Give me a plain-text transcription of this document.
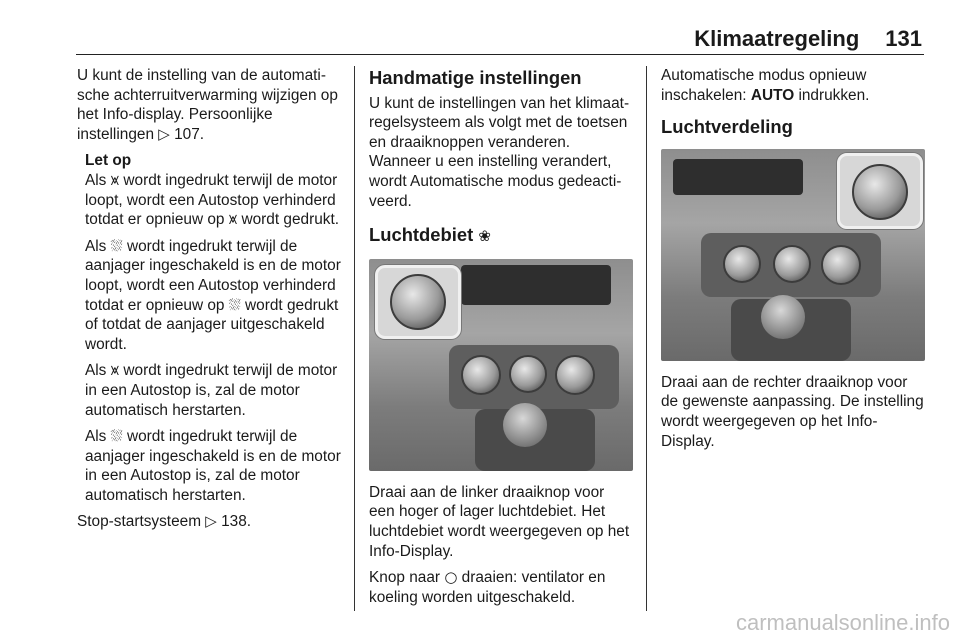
Klimaatregeling 131

U kunt de instelling van de automatische achterruitverwarming wijzigen op het Info-display. Persoonlijke instellingen ▷ 107.

Let op

Als ⩙ wordt ingedrukt terwijl de motor loopt, wordt een Autostop verhinderd totdat er opnieuw op ⩙ wordt gedrukt.

Als ⛆ wordt ingedrukt terwijl de aanjager ingeschakeld is en de motor loopt, wordt een Autostop verhinderd totdat er opnieuw op ⛆ wordt gedrukt of totdat de aanjager uitgeschakeld wordt.

Als ⩙ wordt ingedrukt terwijl de motor in een Autostop is, zal de motor automatisch herstarten.

Als ⛆ wordt ingedrukt terwijl de aanjager ingeschakeld is en de motor in een Autostop is, zal de motor automatisch herstarten.

Stop-startsysteem ▷ 138.

Handmatige instellingen

U kunt de instellingen van het klimaatregelsysteem als volgt met de toetsen en draaiknoppen veranderen. Wanneer u een instelling verandert, wordt Automatische modus gedeactiveerd.

Luchtdebiet ❀

Draai aan de linker draaiknop voor een hoger of lager luchtdebiet. Het luchtdebiet wordt weergegeven op het Info-Display.

Knop naar ○ draaien: ventilator en koeling worden uitgeschakeld.

Automatische modus opnieuw inschakelen: AUTO indrukken.

Luchtverdeling

Draai aan de rechter draaiknop voor de gewenste aanpassing. De instelling wordt weergegeven op het Info-Display.

carmanualsonline.info
